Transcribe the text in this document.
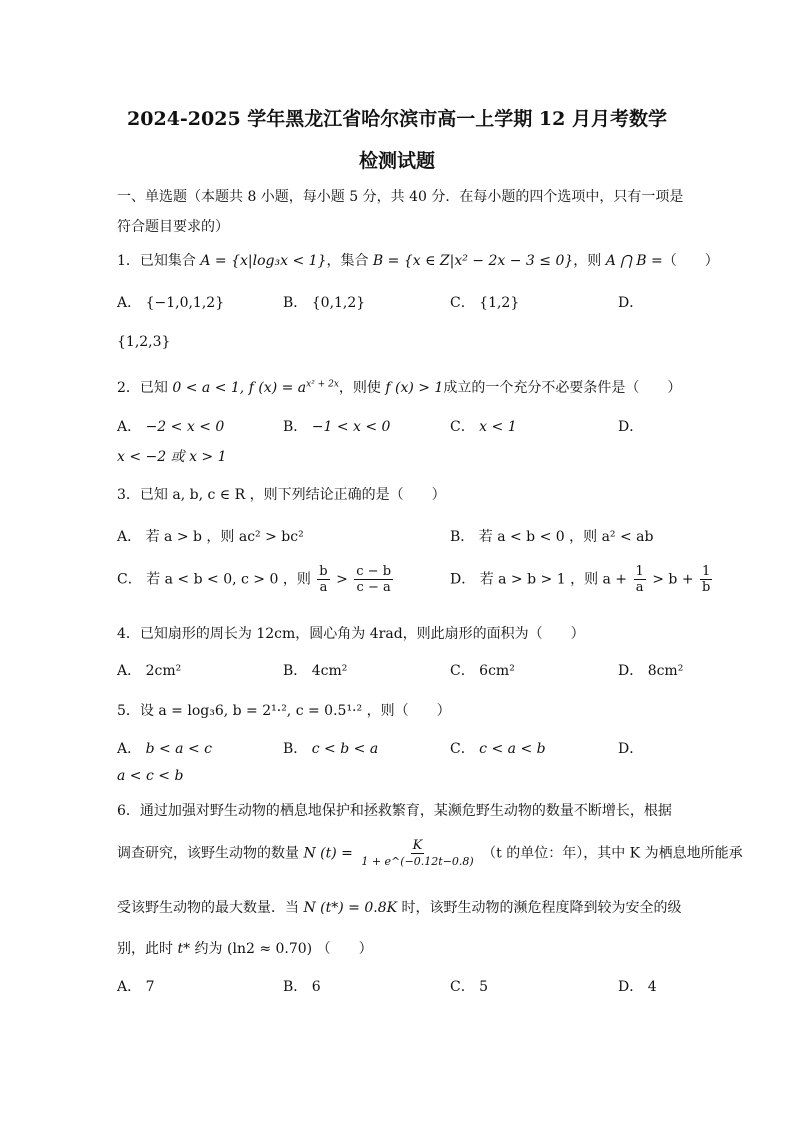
2024-2025 学年黑龙江省哈尔滨市高一上学期 12 月月考数学
检测试题
一、单选题（本题共 8 小题，每小题 5 分，共 40 分．在每小题的四个选项中，只有一项是
符合题目要求的）
1．已知集合 A = {x|log₃x < 1}，集合 B = {x ∈ Z|x² − 2x − 3 ≤ 0}，则 A ⋂ B =（　　）
A． {−1,0,1,2}	B． {0,1,2}	C． {1,2}	D．
{1,2,3}
2．已知 0 < a < 1, f $(x) = a^{x^2 + 2x}$，则使 f (x) > 1成立的一个充分不必要条件是（　　）
A． −2 < x < 0	B． −1 < x < 0	C． x < 1	D．
x < −2 或 x > 1
3．已知 a, b, c ∈ R ，则下列结论正确的是（　　）
A． 若 a > b ，则 ac² > bc²	B． 若 a < b < 0 ，则 a² < ab
C． 若 a < b < 0, c > 0 ，则 $\frac{b}{a} > \frac{c - b}{c - a}$	D． 若 a > b > 1 ，则 $a + \frac{1}{a} > b + \frac{1}{b}$
4．已知扇形的周长为 12cm，圆心角为 4rad，则此扇形的面积为（　　）
A． 2cm²	B． 4cm²	C． 6cm²	D． 8cm²
5．设 a = log₃6, b = 2¹·², c = 0.5¹·² ，则（　　）
A． b < a < c	B． c < b < a	C． c < a < b	D．
a < c < b
6．通过加强对野生动物的栖息地保护和拯救繁育，某濒危野生动物的数量不断增长，根据
调查研究，该野生动物的数量 N $(t) = \frac{K}{1 + e\^{}(-0.12t-0.8)} (t$ 的单位：年），其中 K 为栖息地所能承
受该野生动物的最大数量．当 N (t*) = 0.8K 时，该野生动物的濒危程度降到较为安全的级
别，此时 t* 约为 (ln2 ≈ 0.70) （　　）
A． 7	B． 6	C． 5	D． 4
